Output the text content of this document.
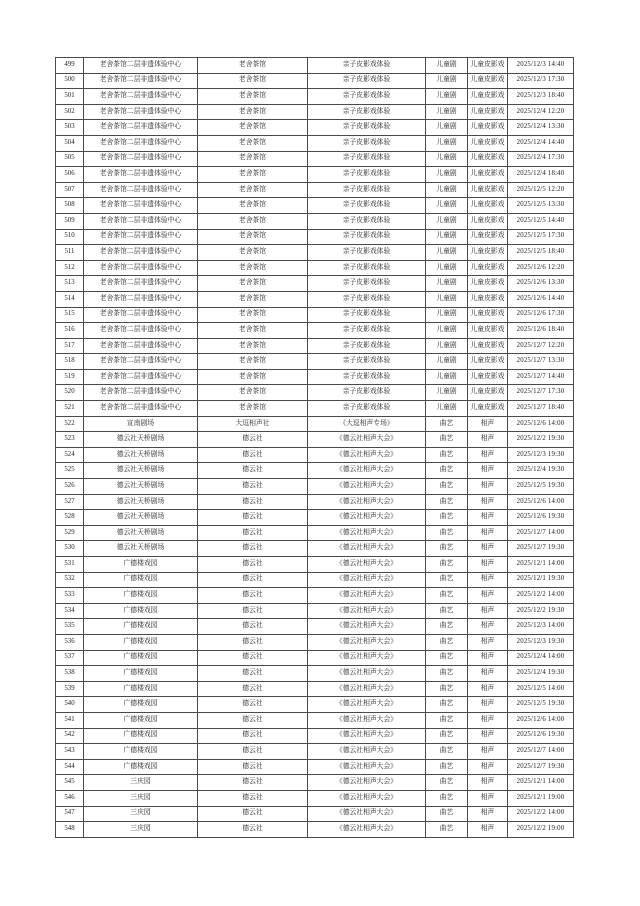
499	老舍茶馆二层非遗体验中心	老舍茶馆	亲子皮影戏体验	儿童剧	儿童皮影戏	2025/12/3 14:40
500	老舍茶馆二层非遗体验中心	老舍茶馆	亲子皮影戏体验	儿童剧	儿童皮影戏	2025/12/3 17:30
501	老舍茶馆二层非遗体验中心	老舍茶馆	亲子皮影戏体验	儿童剧	儿童皮影戏	2025/12/3 18:40
502	老舍茶馆二层非遗体验中心	老舍茶馆	亲子皮影戏体验	儿童剧	儿童皮影戏	2025/12/4 12:20
503	老舍茶馆二层非遗体验中心	老舍茶馆	亲子皮影戏体验	儿童剧	儿童皮影戏	2025/12/4 13:30
504	老舍茶馆二层非遗体验中心	老舍茶馆	亲子皮影戏体验	儿童剧	儿童皮影戏	2025/12/4 14:40
505	老舍茶馆二层非遗体验中心	老舍茶馆	亲子皮影戏体验	儿童剧	儿童皮影戏	2025/12/4 17:30
506	老舍茶馆二层非遗体验中心	老舍茶馆	亲子皮影戏体验	儿童剧	儿童皮影戏	2025/12/4 18:40
507	老舍茶馆二层非遗体验中心	老舍茶馆	亲子皮影戏体验	儿童剧	儿童皮影戏	2025/12/5 12:20
508	老舍茶馆二层非遗体验中心	老舍茶馆	亲子皮影戏体验	儿童剧	儿童皮影戏	2025/12/5 13:30
509	老舍茶馆二层非遗体验中心	老舍茶馆	亲子皮影戏体验	儿童剧	儿童皮影戏	2025/12/5 14:40
510	老舍茶馆二层非遗体验中心	老舍茶馆	亲子皮影戏体验	儿童剧	儿童皮影戏	2025/12/5 17:30
511	老舍茶馆二层非遗体验中心	老舍茶馆	亲子皮影戏体验	儿童剧	儿童皮影戏	2025/12/5 18:40
512	老舍茶馆二层非遗体验中心	老舍茶馆	亲子皮影戏体验	儿童剧	儿童皮影戏	2025/12/6 12:20
513	老舍茶馆二层非遗体验中心	老舍茶馆	亲子皮影戏体验	儿童剧	儿童皮影戏	2025/12/6 13:30
514	老舍茶馆二层非遗体验中心	老舍茶馆	亲子皮影戏体验	儿童剧	儿童皮影戏	2025/12/6 14:40
515	老舍茶馆二层非遗体验中心	老舍茶馆	亲子皮影戏体验	儿童剧	儿童皮影戏	2025/12/6 17:30
516	老舍茶馆二层非遗体验中心	老舍茶馆	亲子皮影戏体验	儿童剧	儿童皮影戏	2025/12/6 18:40
517	老舍茶馆二层非遗体验中心	老舍茶馆	亲子皮影戏体验	儿童剧	儿童皮影戏	2025/12/7 12:20
518	老舍茶馆二层非遗体验中心	老舍茶馆	亲子皮影戏体验	儿童剧	儿童皮影戏	2025/12/7 13:30
519	老舍茶馆二层非遗体验中心	老舍茶馆	亲子皮影戏体验	儿童剧	儿童皮影戏	2025/12/7 14:40
520	老舍茶馆二层非遗体验中心	老舍茶馆	亲子皮影戏体验	儿童剧	儿童皮影戏	2025/12/7 17:30
521	老舍茶馆二层非遗体验中心	老舍茶馆	亲子皮影戏体验	儿童剧	儿童皮影戏	2025/12/7 18:40
522	宣南剧场	大逗相声社	《大逗相声专场》	曲艺	相声	2025/12/6 14:00
523	德云社天桥剧场	德云社	《德云社相声大会》	曲艺	相声	2025/12/2 19:30
524	德云社天桥剧场	德云社	《德云社相声大会》	曲艺	相声	2025/12/3 19:30
525	德云社天桥剧场	德云社	《德云社相声大会》	曲艺	相声	2025/12/4 19:30
526	德云社天桥剧场	德云社	《德云社相声大会》	曲艺	相声	2025/12/5 19:30
527	德云社天桥剧场	德云社	《德云社相声大会》	曲艺	相声	2025/12/6 14:00
528	德云社天桥剧场	德云社	《德云社相声大会》	曲艺	相声	2025/12/6 19:30
529	德云社天桥剧场	德云社	《德云社相声大会》	曲艺	相声	2025/12/7 14:00
530	德云社天桥剧场	德云社	《德云社相声大会》	曲艺	相声	2025/12/7 19:30
531	广德楼戏园	德云社	《德云社相声大会》	曲艺	相声	2025/12/1 14:00
532	广德楼戏园	德云社	《德云社相声大会》	曲艺	相声	2025/12/1 19:30
533	广德楼戏园	德云社	《德云社相声大会》	曲艺	相声	2025/12/2 14:00
534	广德楼戏园	德云社	《德云社相声大会》	曲艺	相声	2025/12/2 19:30
535	广德楼戏园	德云社	《德云社相声大会》	曲艺	相声	2025/12/3 14:00
536	广德楼戏园	德云社	《德云社相声大会》	曲艺	相声	2025/12/3 19:30
537	广德楼戏园	德云社	《德云社相声大会》	曲艺	相声	2025/12/4 14:00
538	广德楼戏园	德云社	《德云社相声大会》	曲艺	相声	2025/12/4 19:30
539	广德楼戏园	德云社	《德云社相声大会》	曲艺	相声	2025/12/5 14:00
540	广德楼戏园	德云社	《德云社相声大会》	曲艺	相声	2025/12/5 19:30
541	广德楼戏园	德云社	《德云社相声大会》	曲艺	相声	2025/12/6 14:00
542	广德楼戏园	德云社	《德云社相声大会》	曲艺	相声	2025/12/6 19:30
543	广德楼戏园	德云社	《德云社相声大会》	曲艺	相声	2025/12/7 14:00
544	广德楼戏园	德云社	《德云社相声大会》	曲艺	相声	2025/12/7 19:30
545	三庆园	德云社	《德云社相声大会》	曲艺	相声	2025/12/1 14:00
546	三庆园	德云社	《德云社相声大会》	曲艺	相声	2025/12/1 19:00
547	三庆园	德云社	《德云社相声大会》	曲艺	相声	2025/12/2 14:00
548	三庆园	德云社	《德云社相声大会》	曲艺	相声	2025/12/2 19:00
